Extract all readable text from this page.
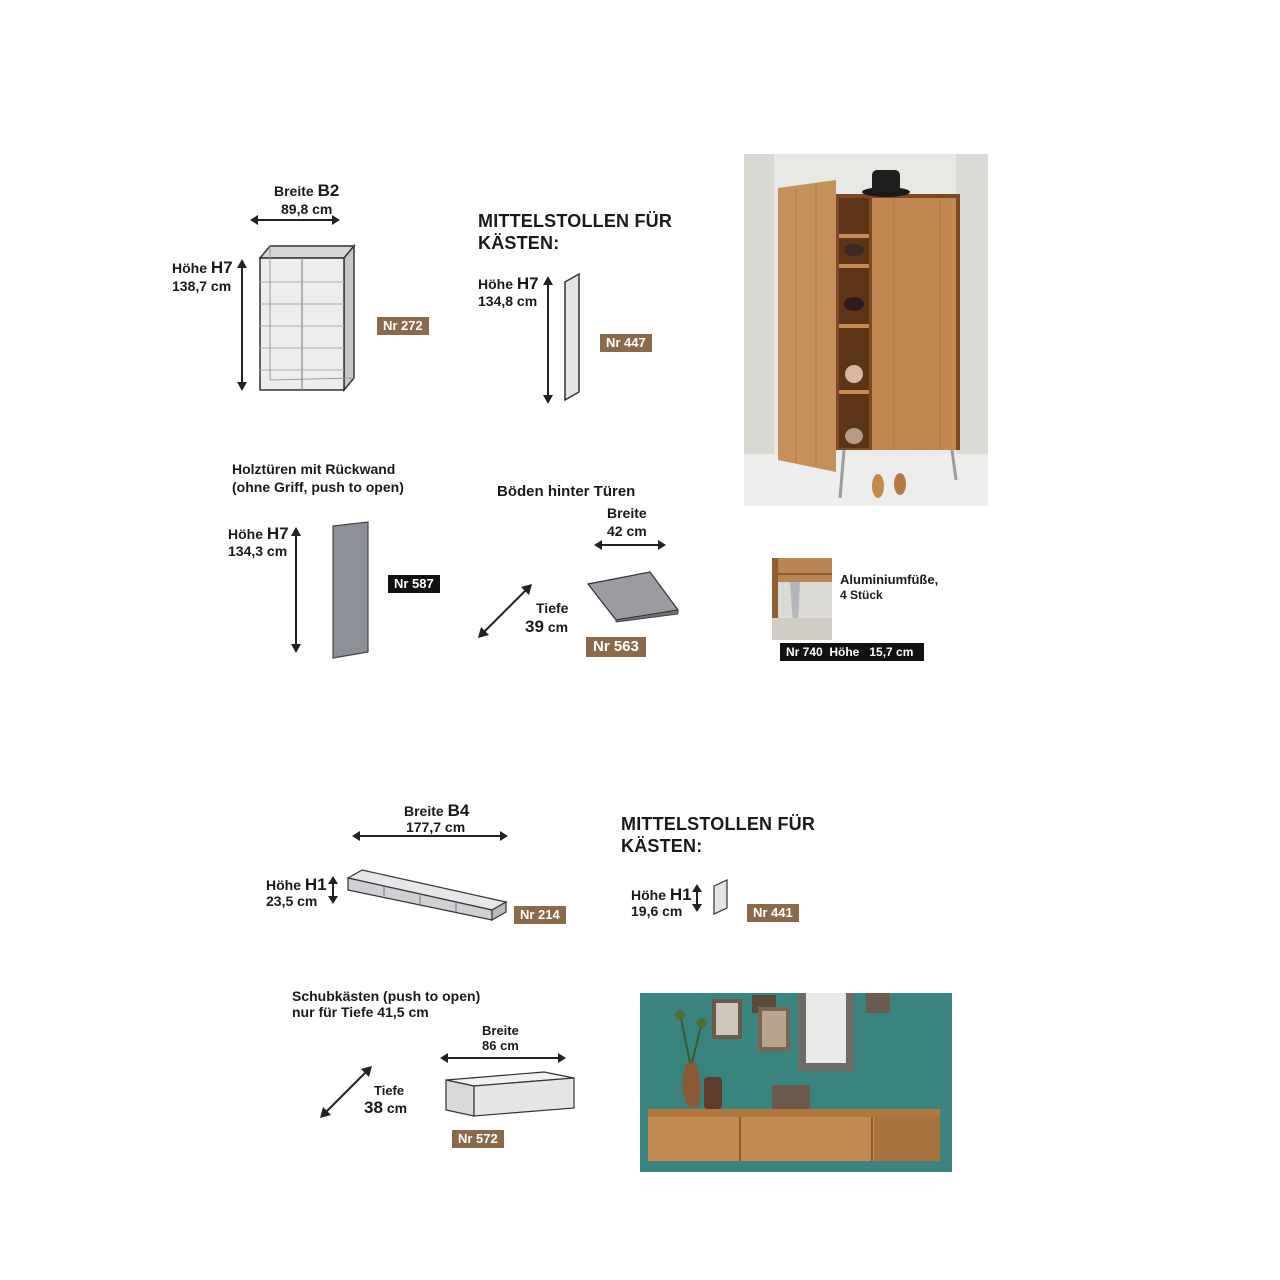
Breite B2
89,8 cm
Höhe H7
138,7 cm
Nr 272
MITTELSTOLLEN FÜR
KÄSTEN:
Höhe H7
134,8 cm
Nr 447
Holztüren mit Rückwand
(ohne Griff, push to open)
Höhe H7
134,3 cm
Nr 587
Böden hinter Türen
Breite
42 cm
Tiefe
39 cm
Nr 563
Aluminiumfüße,
4 Stück
Nr 740  Höhe   15,7 cm
Breite B4
177,7 cm
Höhe H1
23,5 cm
Nr 214
MITTELSTOLLEN FÜR
KÄSTEN:
Höhe H1
19,6 cm	Nr 441
Schubkästen (push to open)
nur für Tiefe 41,5 cm
Breite
86 cm
Tiefe
38 cm
Nr 572
